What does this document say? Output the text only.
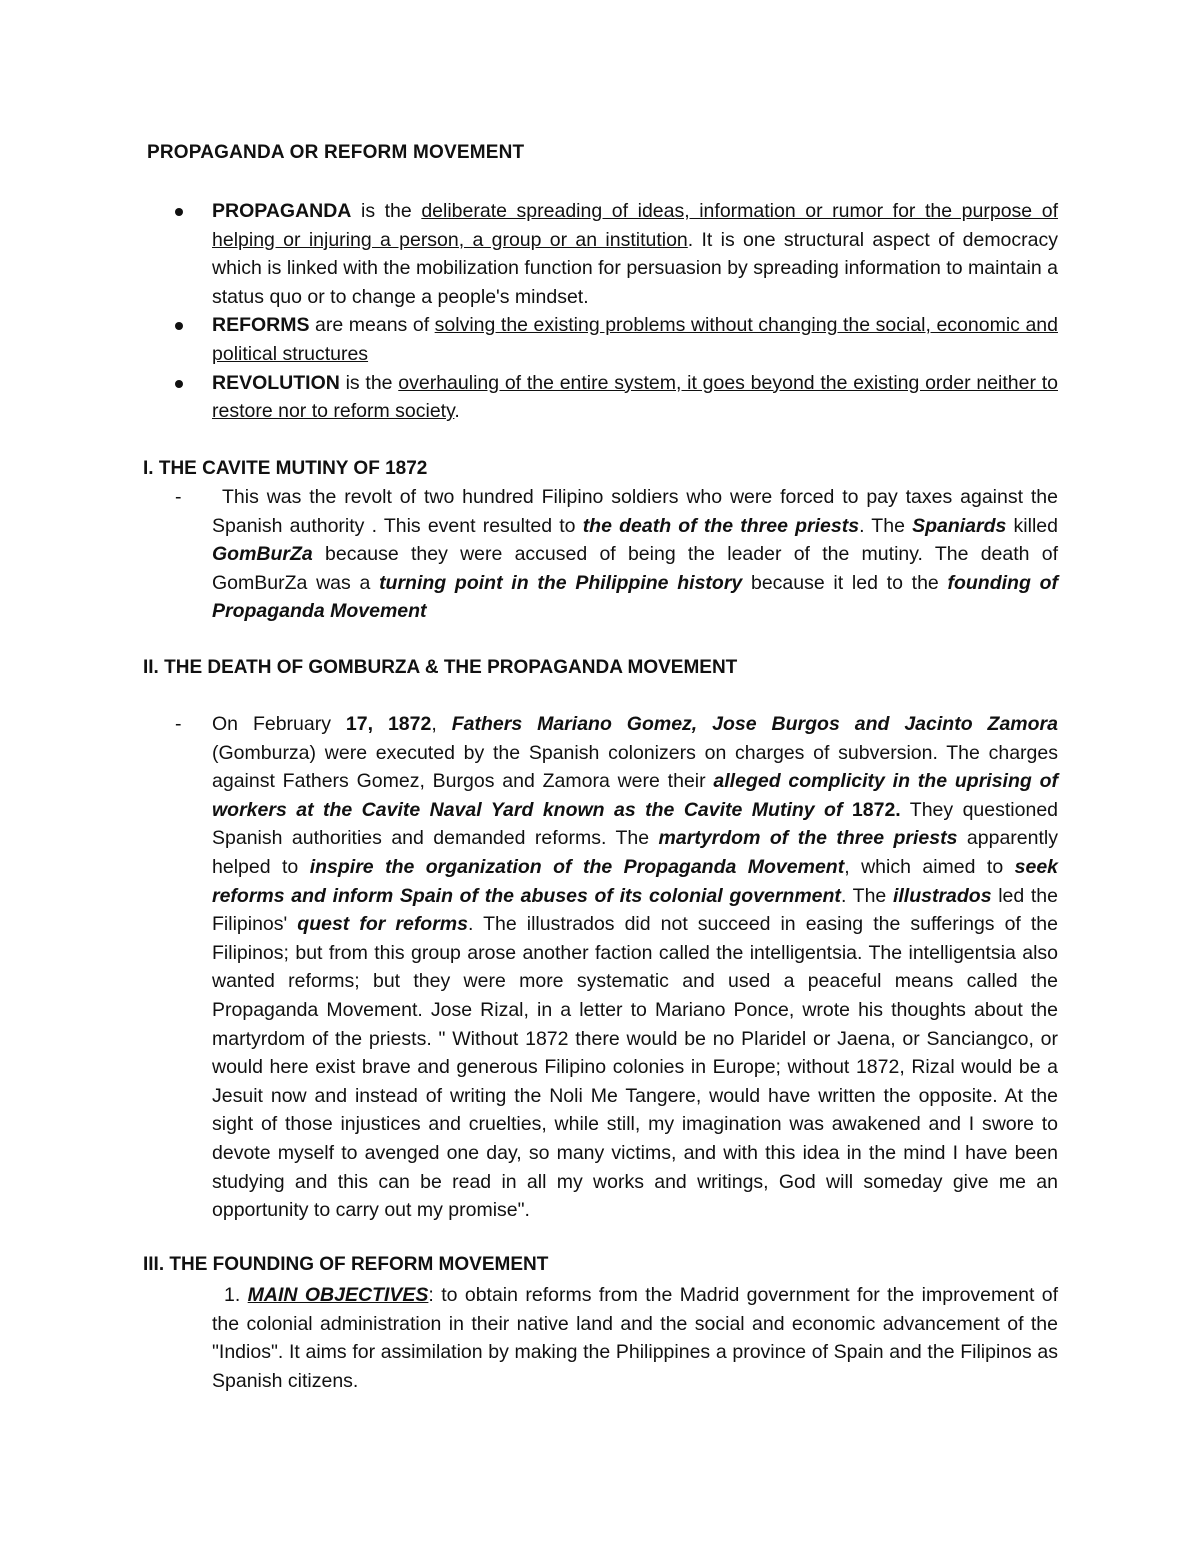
PROPAGANDA OR REFORM MOVEMENT

PROPAGANDA is the deliberate spreading of ideas, information or rumor for the purpose of helping or injuring a person, a group or an institution. It is one structural aspect of democracy which is linked with the mobilization function for persuasion by spreading information to maintain a status quo or to change a people's mindset.

REFORMS are means of solving the existing problems without changing the social, economic and political structures

REVOLUTION is the overhauling of the entire system, it goes beyond the existing order neither to restore nor to reform society.

I. THE CAVITE MUTINY OF 1872
-	This was the revolt of two hundred Filipino soldiers who were forced to pay taxes against the Spanish authority . This event resulted to the death of the three priests. The Spaniards killed GomBurZa because they were accused of being the leader of the mutiny. The death of GomBurZa was a turning point in the Philippine history because it led to the founding of Propaganda Movement

II. THE DEATH OF GOMBURZA & THE PROPAGANDA MOVEMENT
- On February 17, 1872, Fathers Mariano Gomez, Jose Burgos and Jacinto Zamora (Gomburza) were executed by the Spanish colonizers on charges of subversion. The charges against Fathers Gomez, Burgos and Zamora were their alleged complicity in the uprising of workers at the Cavite Naval Yard known as the Cavite Mutiny of 1872. They questioned Spanish authorities and demanded reforms. The martyrdom of the three priests apparently helped to inspire the organization of the Propaganda Movement, which aimed to seek reforms and inform Spain of the abuses of its colonial government. The illustrados led the Filipinos' quest for reforms. The illustrados did not succeed in easing the sufferings of the Filipinos; but from this group arose another faction called the intelligentsia. The intelligentsia also wanted reforms; but they were more systematic and used a peaceful means called the Propaganda Movement. Jose Rizal, in a letter to Mariano Ponce, wrote his thoughts about the martyrdom of the priests. " Without 1872 there would be no Plaridel or Jaena, or Sanciangco, or would here exist brave and generous Filipino colonies in Europe; without 1872, Rizal would be a Jesuit now and instead of writing the Noli Me Tangere, would have written the opposite. At the sight of those injustices and cruelties, while still, my imagination was awakened and I swore to devote myself to avenged one day, so many victims, and with this idea in the mind I have been studying and this can be read in all my works and writings, God will someday give me an opportunity to carry out my promise".

III. THE FOUNDING OF REFORM MOVEMENT

1. MAIN OBJECTIVES: to obtain reforms from the Madrid government for the improvement of the colonial administration in their native land and the social and economic advancement of the "Indios". It aims for assimilation by making the Philippines a province of Spain and the Filipinos as Spanish citizens.
